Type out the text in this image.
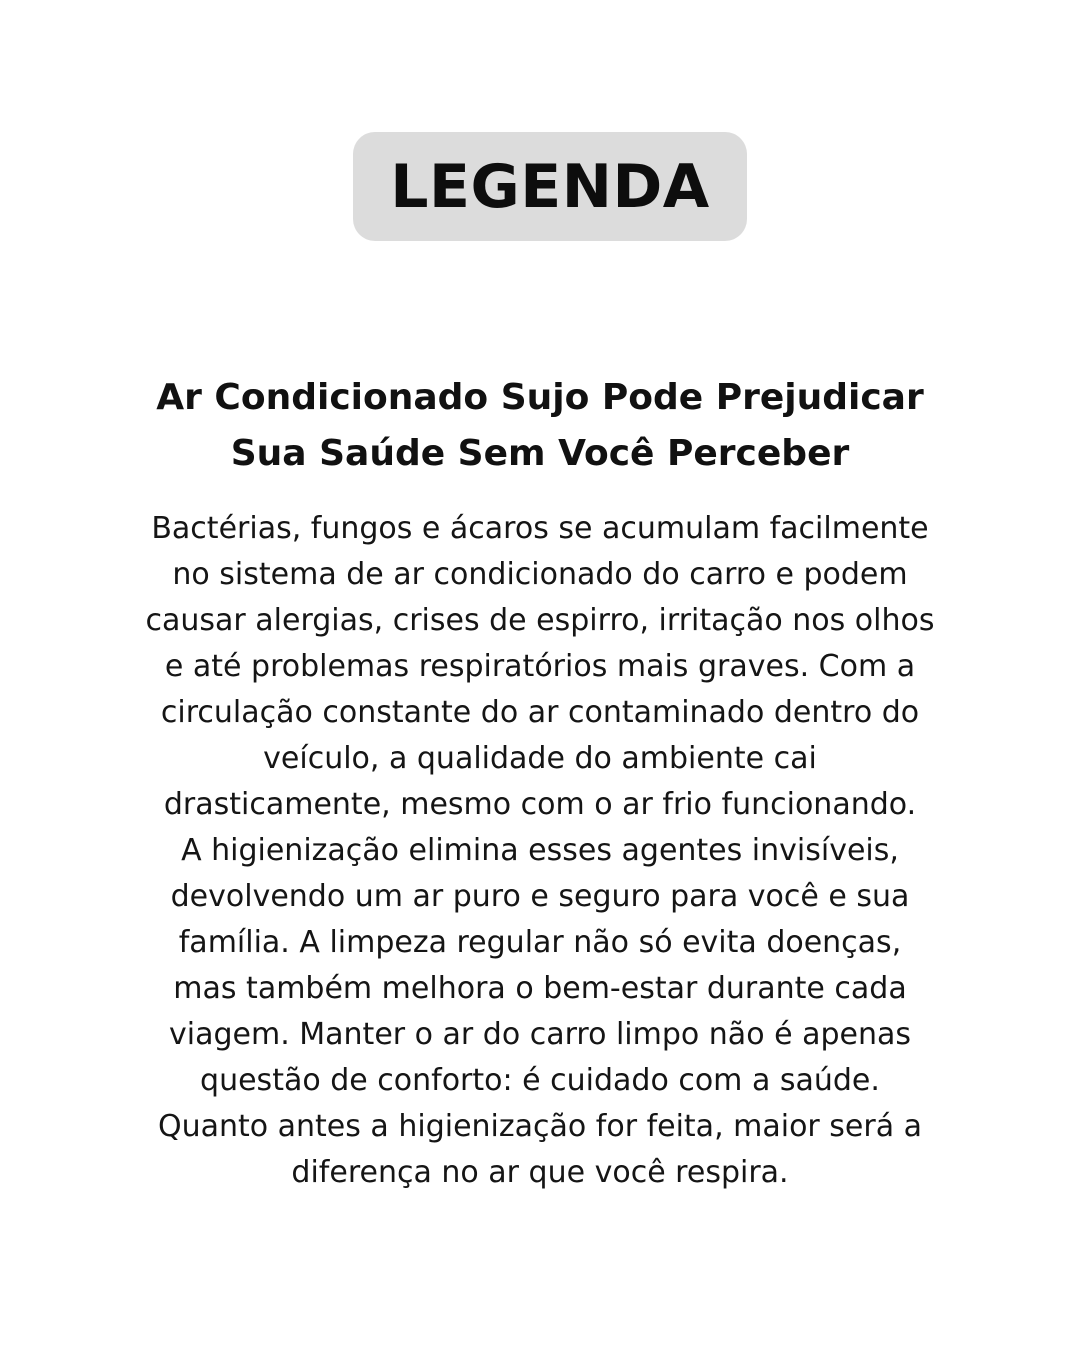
LEGENDA
Ar Condicionado Sujo Pode Prejudicar
Sua Saúde Sem Você Perceber

Bactérias, fungos e ácaros se acumulam facilmente
no sistema de ar condicionado do carro e podem
causar alergias, crises de espirro, irritação nos olhos
e até problemas respiratórios mais graves. Com a
circulação constante do ar contaminado dentro do
veículo, a qualidade do ambiente cai
drasticamente, mesmo com o ar frio funcionando.
A higienização elimina esses agentes invisíveis,
devolvendo um ar puro e seguro para você e sua
família. A limpeza regular não só evita doenças,
mas também melhora o bem-estar durante cada
viagem. Manter o ar do carro limpo não é apenas
questão de conforto: é cuidado com a saúde.
Quanto antes a higienização for feita, maior será a
diferença no ar que você respira.
